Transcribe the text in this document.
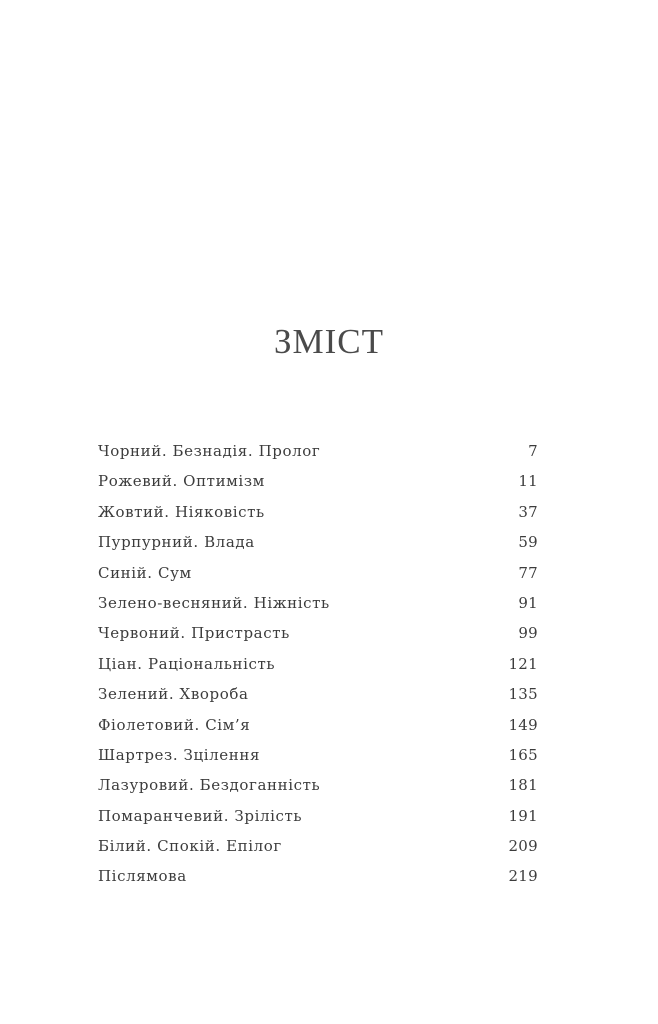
ЗМІСТ
Чорний. Безнадія. Пролог	7
Рожевий. Оптимізм	11
Жовтий. Ніяковість	37
Пурпурний. Влада	59
Синій. Сум	77
Зелено-весняний. Ніжність	91
Червоний. Пристрасть	99
Ціан. Раціональність	121
Зелений. Хвороба	135
Фіолетовий. Сім’я	149
Шартрез. Зцілення	165
Лазуровий. Бездоганність	181
Помаранчевий. Зрілість	191
Білий. Спокій. Епілог	209
Післямова	219
